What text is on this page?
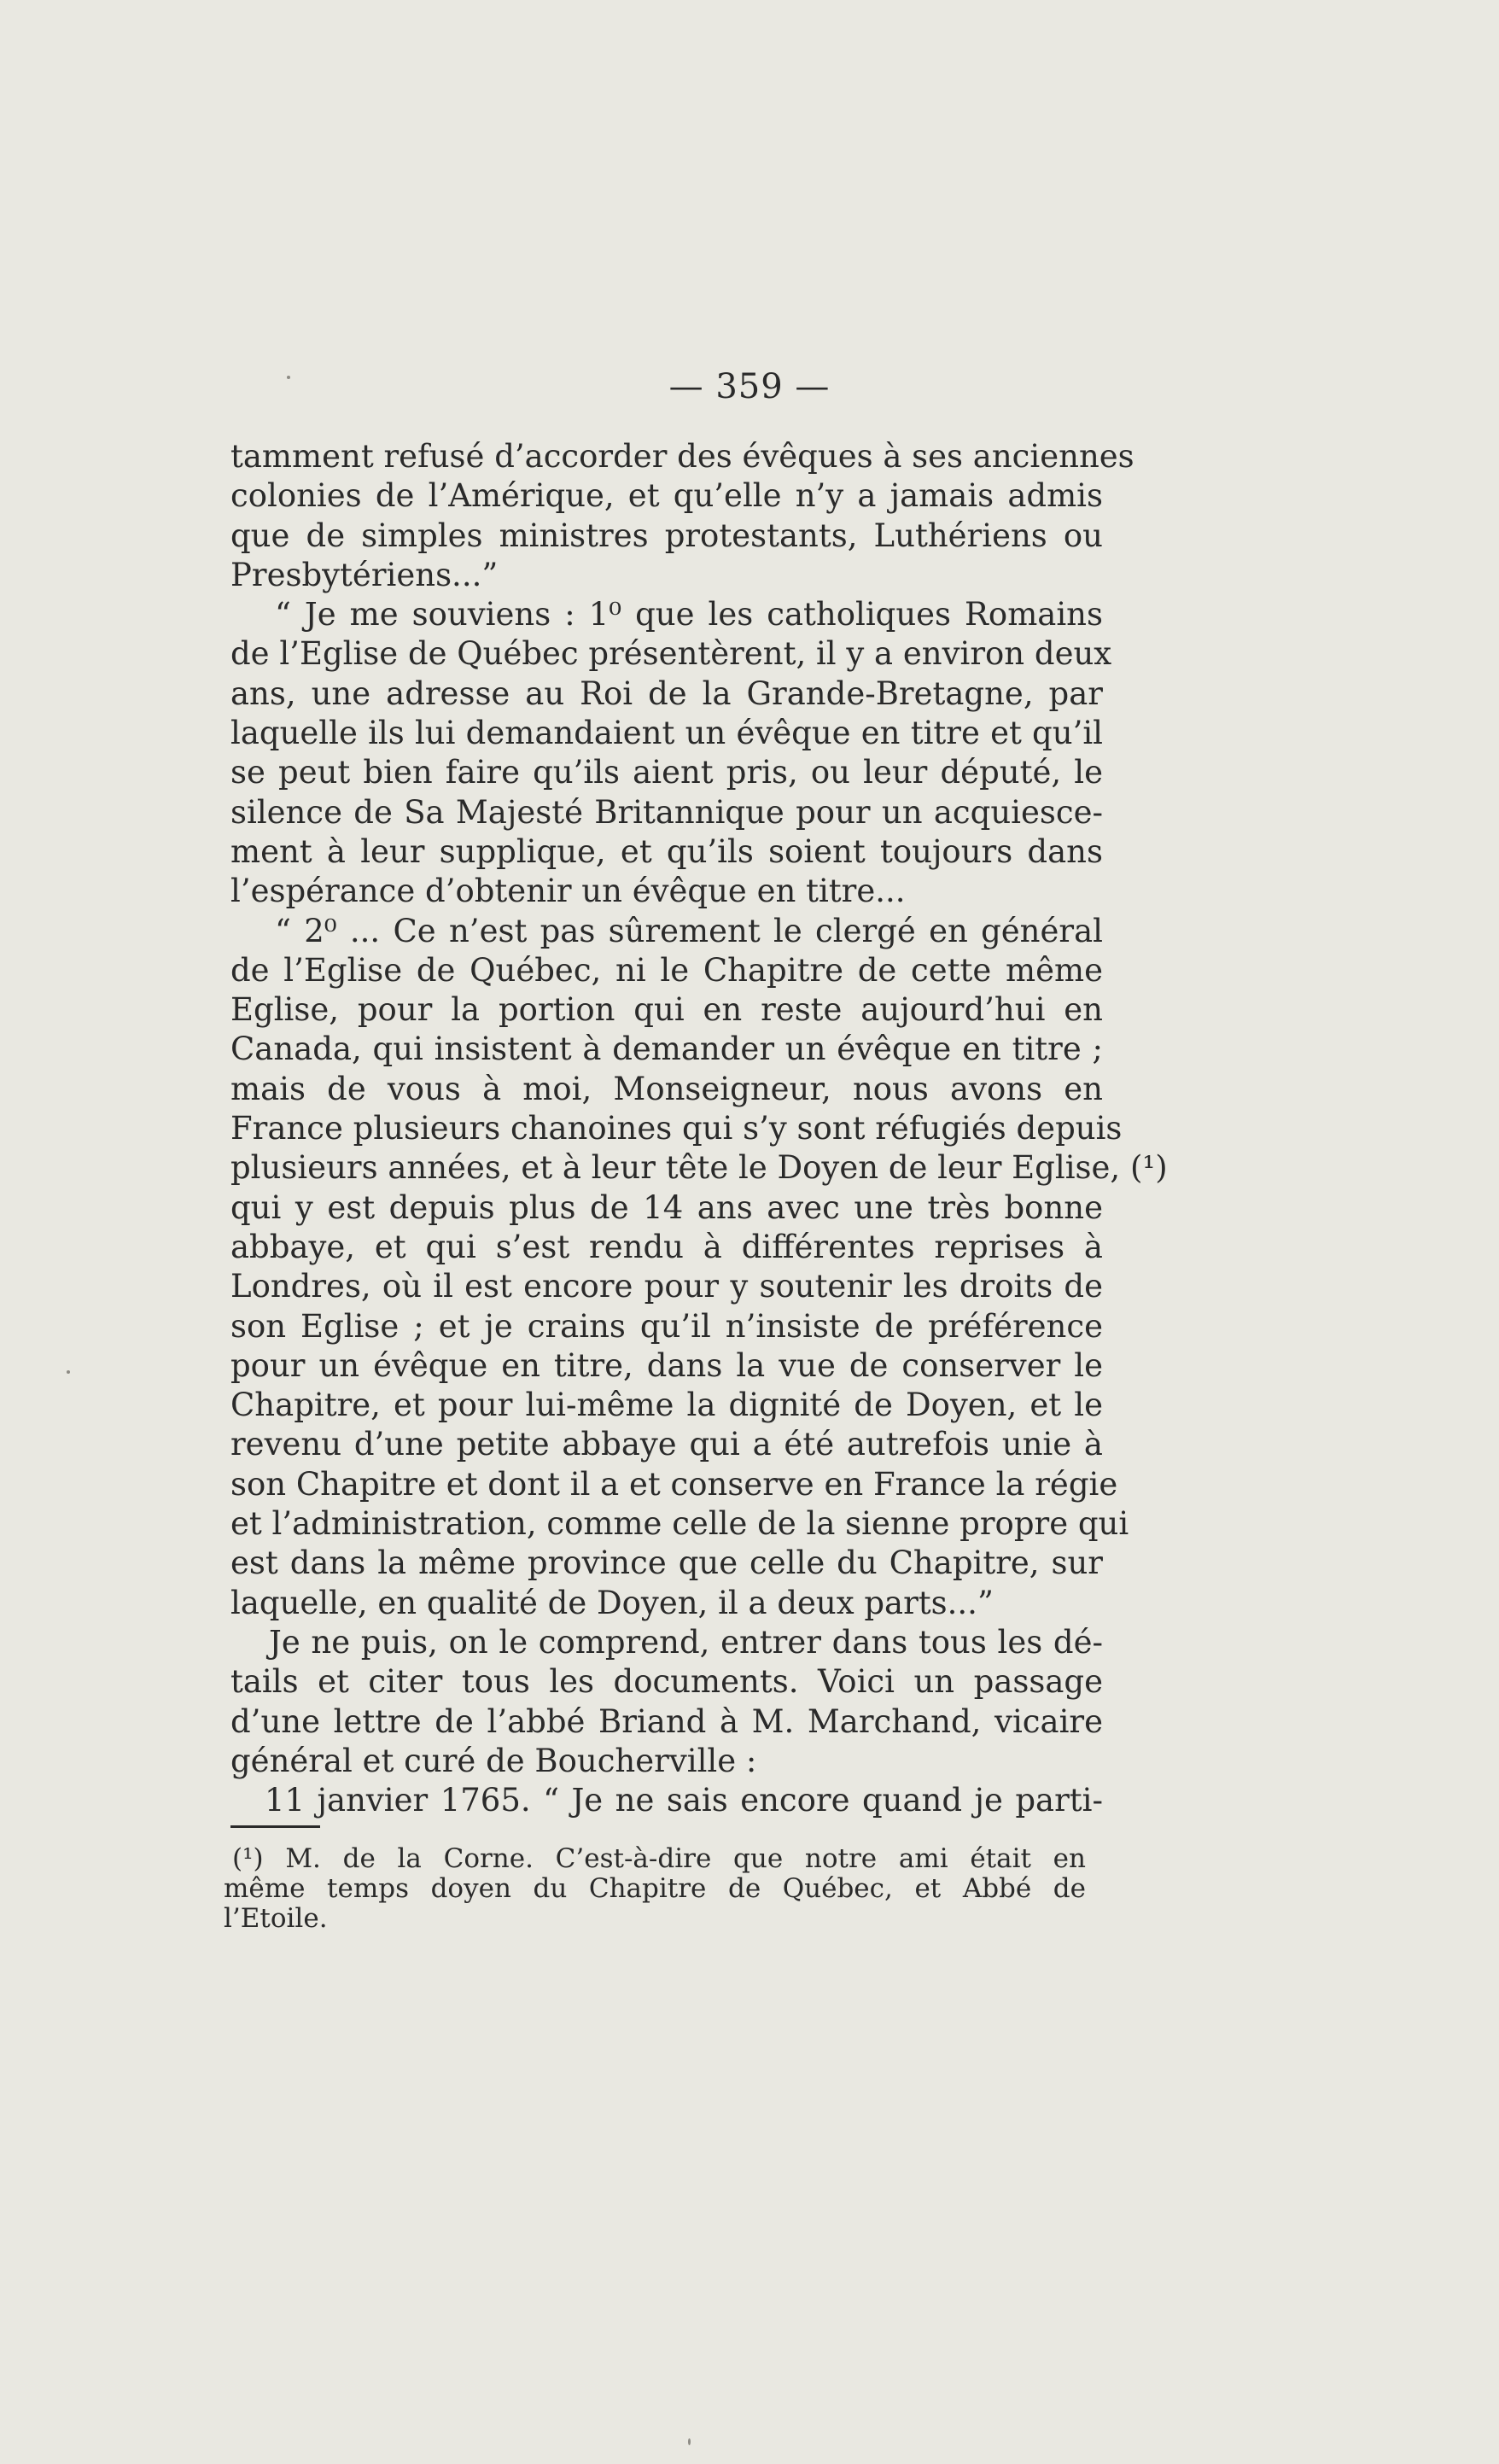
— 359 —
tamment refusé d’accorder des évêques à ses anciennes
colonies de l’Amérique, et qu’elle n’y a jamais admis
que de simples ministres protestants, Luthériens ou
Presbytériens...”
“ Je me souviens : 1⁰ que les catholiques Romains
de l’Eglise de Québec présentèrent, il y a environ deux
ans, une adresse au Roi de la Grande-Bretagne, par
laquelle ils lui demandaient un évêque en titre et qu’il
se peut bien faire qu’ils aient pris, ou leur député, le
silence de Sa Majesté Britannique pour un acquiesce-
ment à leur supplique, et qu’ils soient toujours dans
l’espérance d’obtenir un évêque en titre...
“ 2⁰ ... Ce n’est pas sûrement le clergé en général
de l’Eglise de Québec, ni le Chapitre de cette même
Eglise, pour la portion qui en reste aujourd’hui en
Canada, qui insistent à demander un évêque en titre ;
mais de vous à moi, Monseigneur, nous avons en
France plusieurs chanoines qui s’y sont réfugiés depuis
plusieurs années, et à leur tête le Doyen de leur Eglise, (¹)
qui y est depuis plus de 14 ans avec une très bonne
abbaye, et qui s’est rendu à différentes reprises à
Londres, où il est encore pour y soutenir les droits de
son Eglise ; et je crains qu’il n’insiste de préférence
pour un évêque en titre, dans la vue de conserver le
Chapitre, et pour lui-même la dignité de Doyen, et le
revenu d’une petite abbaye qui a été autrefois unie à
son Chapitre et dont il a et conserve en France la régie
et l’administration, comme celle de la sienne propre qui
est dans la même province que celle du Chapitre, sur
laquelle, en qualité de Doyen, il a deux parts...”
Je ne puis, on le comprend, entrer dans tous les dé-
tails et citer tous les documents. Voici un passage
d’une lettre de l’abbé Briand à M. Marchand, vicaire
général et curé de Boucherville :
11 janvier 1765. “ Je ne sais encore quand je parti-
(¹) M. de la Corne. C’est-à-dire que notre ami était en
même temps doyen du Chapitre de Québec, et Abbé de
l’Etoile.
